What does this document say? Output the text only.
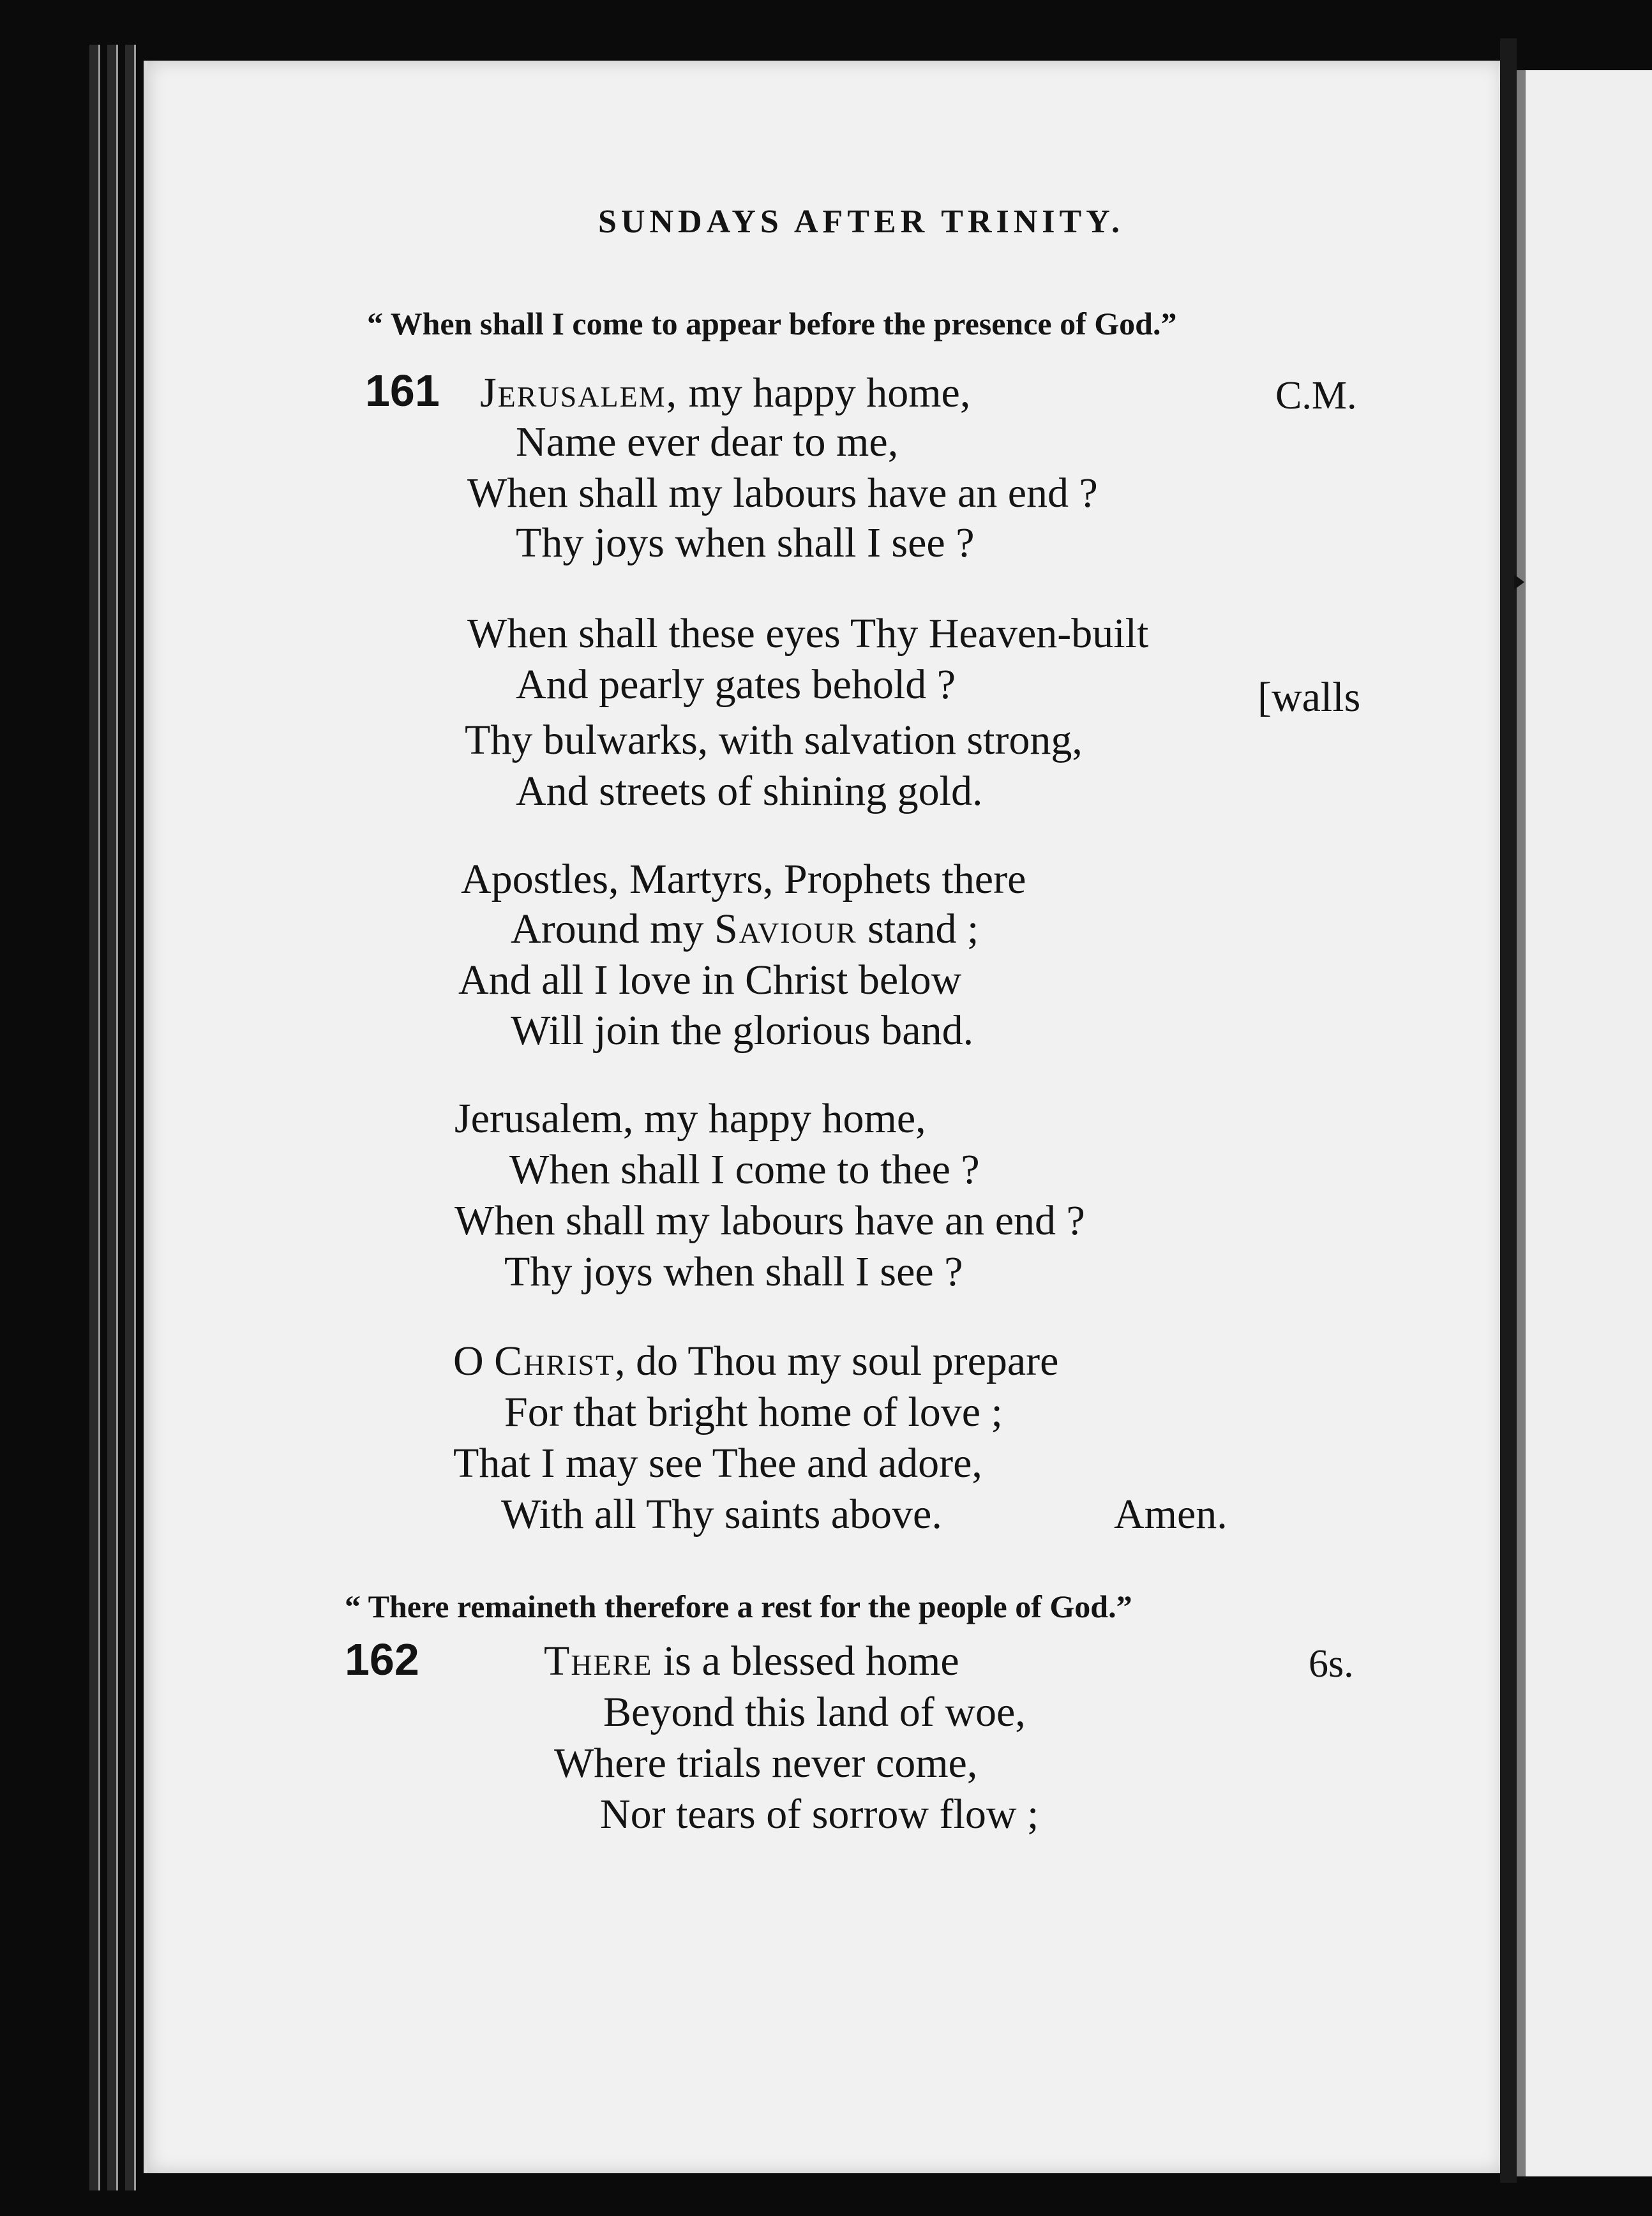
SUNDAYS AFTER TRINITY.
“ When shall I come to appear before the presence of God.”
161	C.M.
Jerusalem, my happy home,
Name ever dear to me,
When shall my labours have an end ?
Thy joys when shall I see ?
When shall these eyes Thy Heaven-built
And pearly gates behold ?	[walls
Thy bulwarks, with salvation strong,
And streets of shining gold.
Apostles, Martyrs, Prophets there
Around my Saviour stand ;
And all I love in Christ below
Will join the glorious band.
Jerusalem, my happy home,
When shall I come to thee ?
When shall my labours have an end ?
Thy joys when shall I see ?
O Christ, do Thou my soul prepare
For that bright home of love ;
That I may see Thee and adore,
With all Thy saints above.	Amen.
“ There remaineth therefore a rest for the people of God.”
162	6s.
There is a blessed home
Beyond this land of woe,
Where trials never come,
Nor tears of sorrow flow ;
